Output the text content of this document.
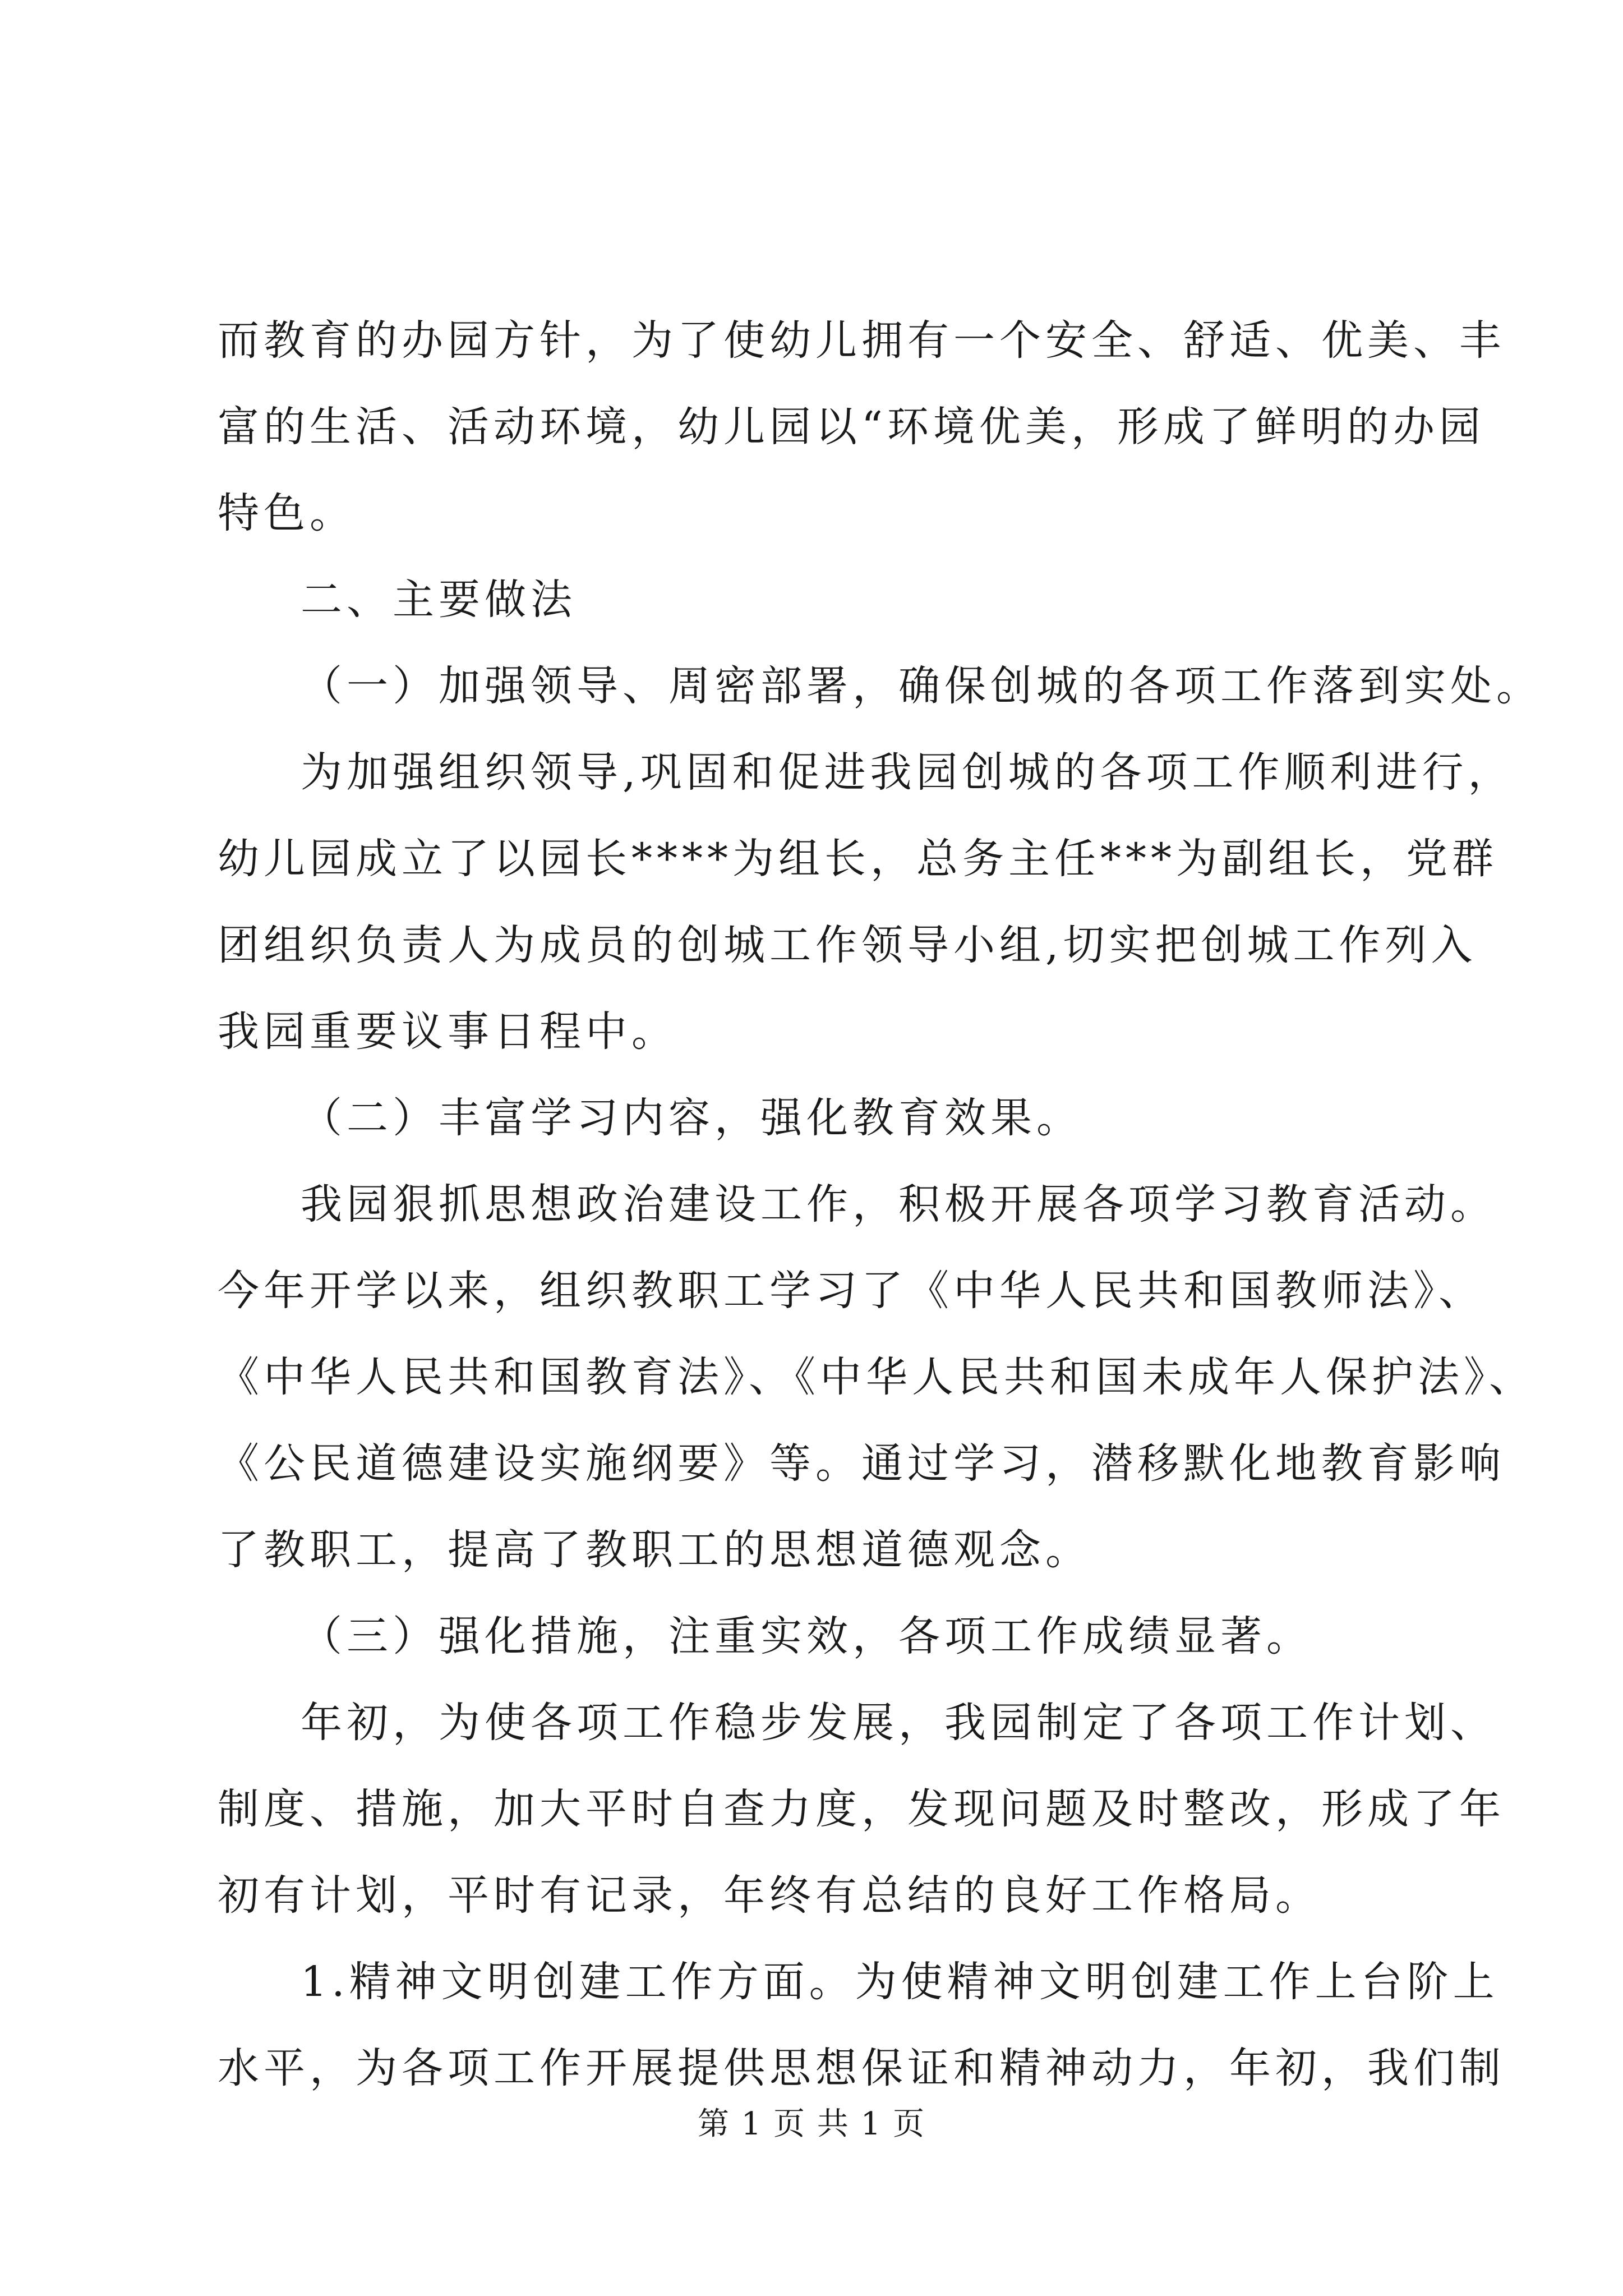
而教育的办园方针，为了使幼儿拥有一个安全、舒适、优美、丰
富的生活、活动环境，幼儿园以“环境优美，形成了鲜明的办园
特色。
二、主要做法
（一）加强领导、周密部署，确保创城的各项工作落到实处。
为加强组织领导,巩固和促进我园创城的各项工作顺利进行，
幼儿园成立了以园长****为组长，总务主任***为副组长，党群
团组织负责人为成员的创城工作领导小组,切实把创城工作列入
我园重要议事日程中。
（二）丰富学习内容，强化教育效果。
我园狠抓思想政治建设工作，积极开展各项学习教育活动。
今年开学以来，组织教职工学习了《中华人民共和国教师法》、
《中华人民共和国教育法》、《中华人民共和国未成年人保护法》、
《公民道德建设实施纲要》等。通过学习，潜移默化地教育影响
了教职工，提高了教职工的思想道德观念。
（三）强化措施，注重实效，各项工作成绩显著。
年初，为使各项工作稳步发展，我园制定了各项工作计划、
制度、措施，加大平时自查力度，发现问题及时整改，形成了年
初有计划，平时有记录，年终有总结的良好工作格局。
1.精神文明创建工作方面。为使精神文明创建工作上台阶上
水平，为各项工作开展提供思想保证和精神动力，年初，我们制
第 1 页 共 1 页
